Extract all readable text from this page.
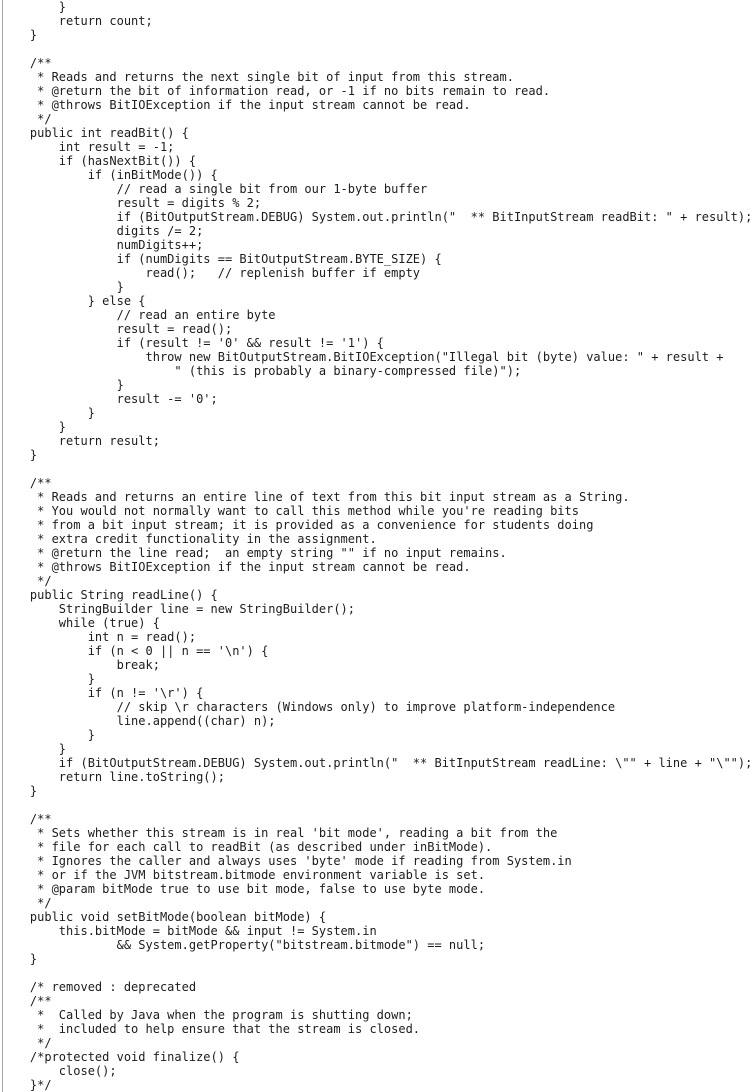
}
return count;
}
/**
* Reads and returns the next single bit of input from this stream.
* @return the bit of information read, or -1 if no bits remain to read.
* @throws BitIOException if the input stream cannot be read.
*/
public int readBit() {
int result = -1;
if (hasNextBit()) {
if (inBitMode()) {
// read a single bit from our 1-byte buffer
result = digits % 2;
if (BitOutputStream.DEBUG) System.out.println("  ** BitInputStream readBit: " + result);
digits /= 2;
numDigits++;
if (numDigits == BitOutputStream.BYTE_SIZE) {
read();   // replenish buffer if empty
}
} else {
// read an entire byte
result = read();
if (result != '0' && result != '1') {
throw new BitOutputStream.BitIOException("Illegal bit (byte) value: " + result +
" (this is probably a binary-compressed file)");
}
result -= '0';
}
}
return result;
}
/**
* Reads and returns an entire line of text from this bit input stream as a String.
* You would not normally want to call this method while you're reading bits
* from a bit input stream; it is provided as a convenience for students doing
* extra credit functionality in the assignment.
* @return the line read;  an empty string "" if no input remains.
* @throws BitIOException if the input stream cannot be read.
*/
public String readLine() {
StringBuilder line = new StringBuilder();
while (true) {
int n = read();
if (n < 0 || n == '\n') {
break;
}
if (n != '\r') {
// skip \r characters (Windows only) to improve platform-independence
line.append((char) n);
}
}
if (BitOutputStream.DEBUG) System.out.println("  ** BitInputStream readLine: \"" + line + "\"");
return line.toString();
}
/**
* Sets whether this stream is in real 'bit mode', reading a bit from the
* file for each call to readBit (as described under inBitMode).
* Ignores the caller and always uses 'byte' mode if reading from System.in
* or if the JVM bitstream.bitmode environment variable is set.
* @param bitMode true to use bit mode, false to use byte mode.
*/
public void setBitMode(boolean bitMode) {
this.bitMode = bitMode && input != System.in
&& System.getProperty("bitstream.bitmode") == null;
}
/* removed : deprecated
/**
*  Called by Java when the program is shutting down;
*  included to help ensure that the stream is closed.
*/
/*protected void finalize() {
close();
}*/
